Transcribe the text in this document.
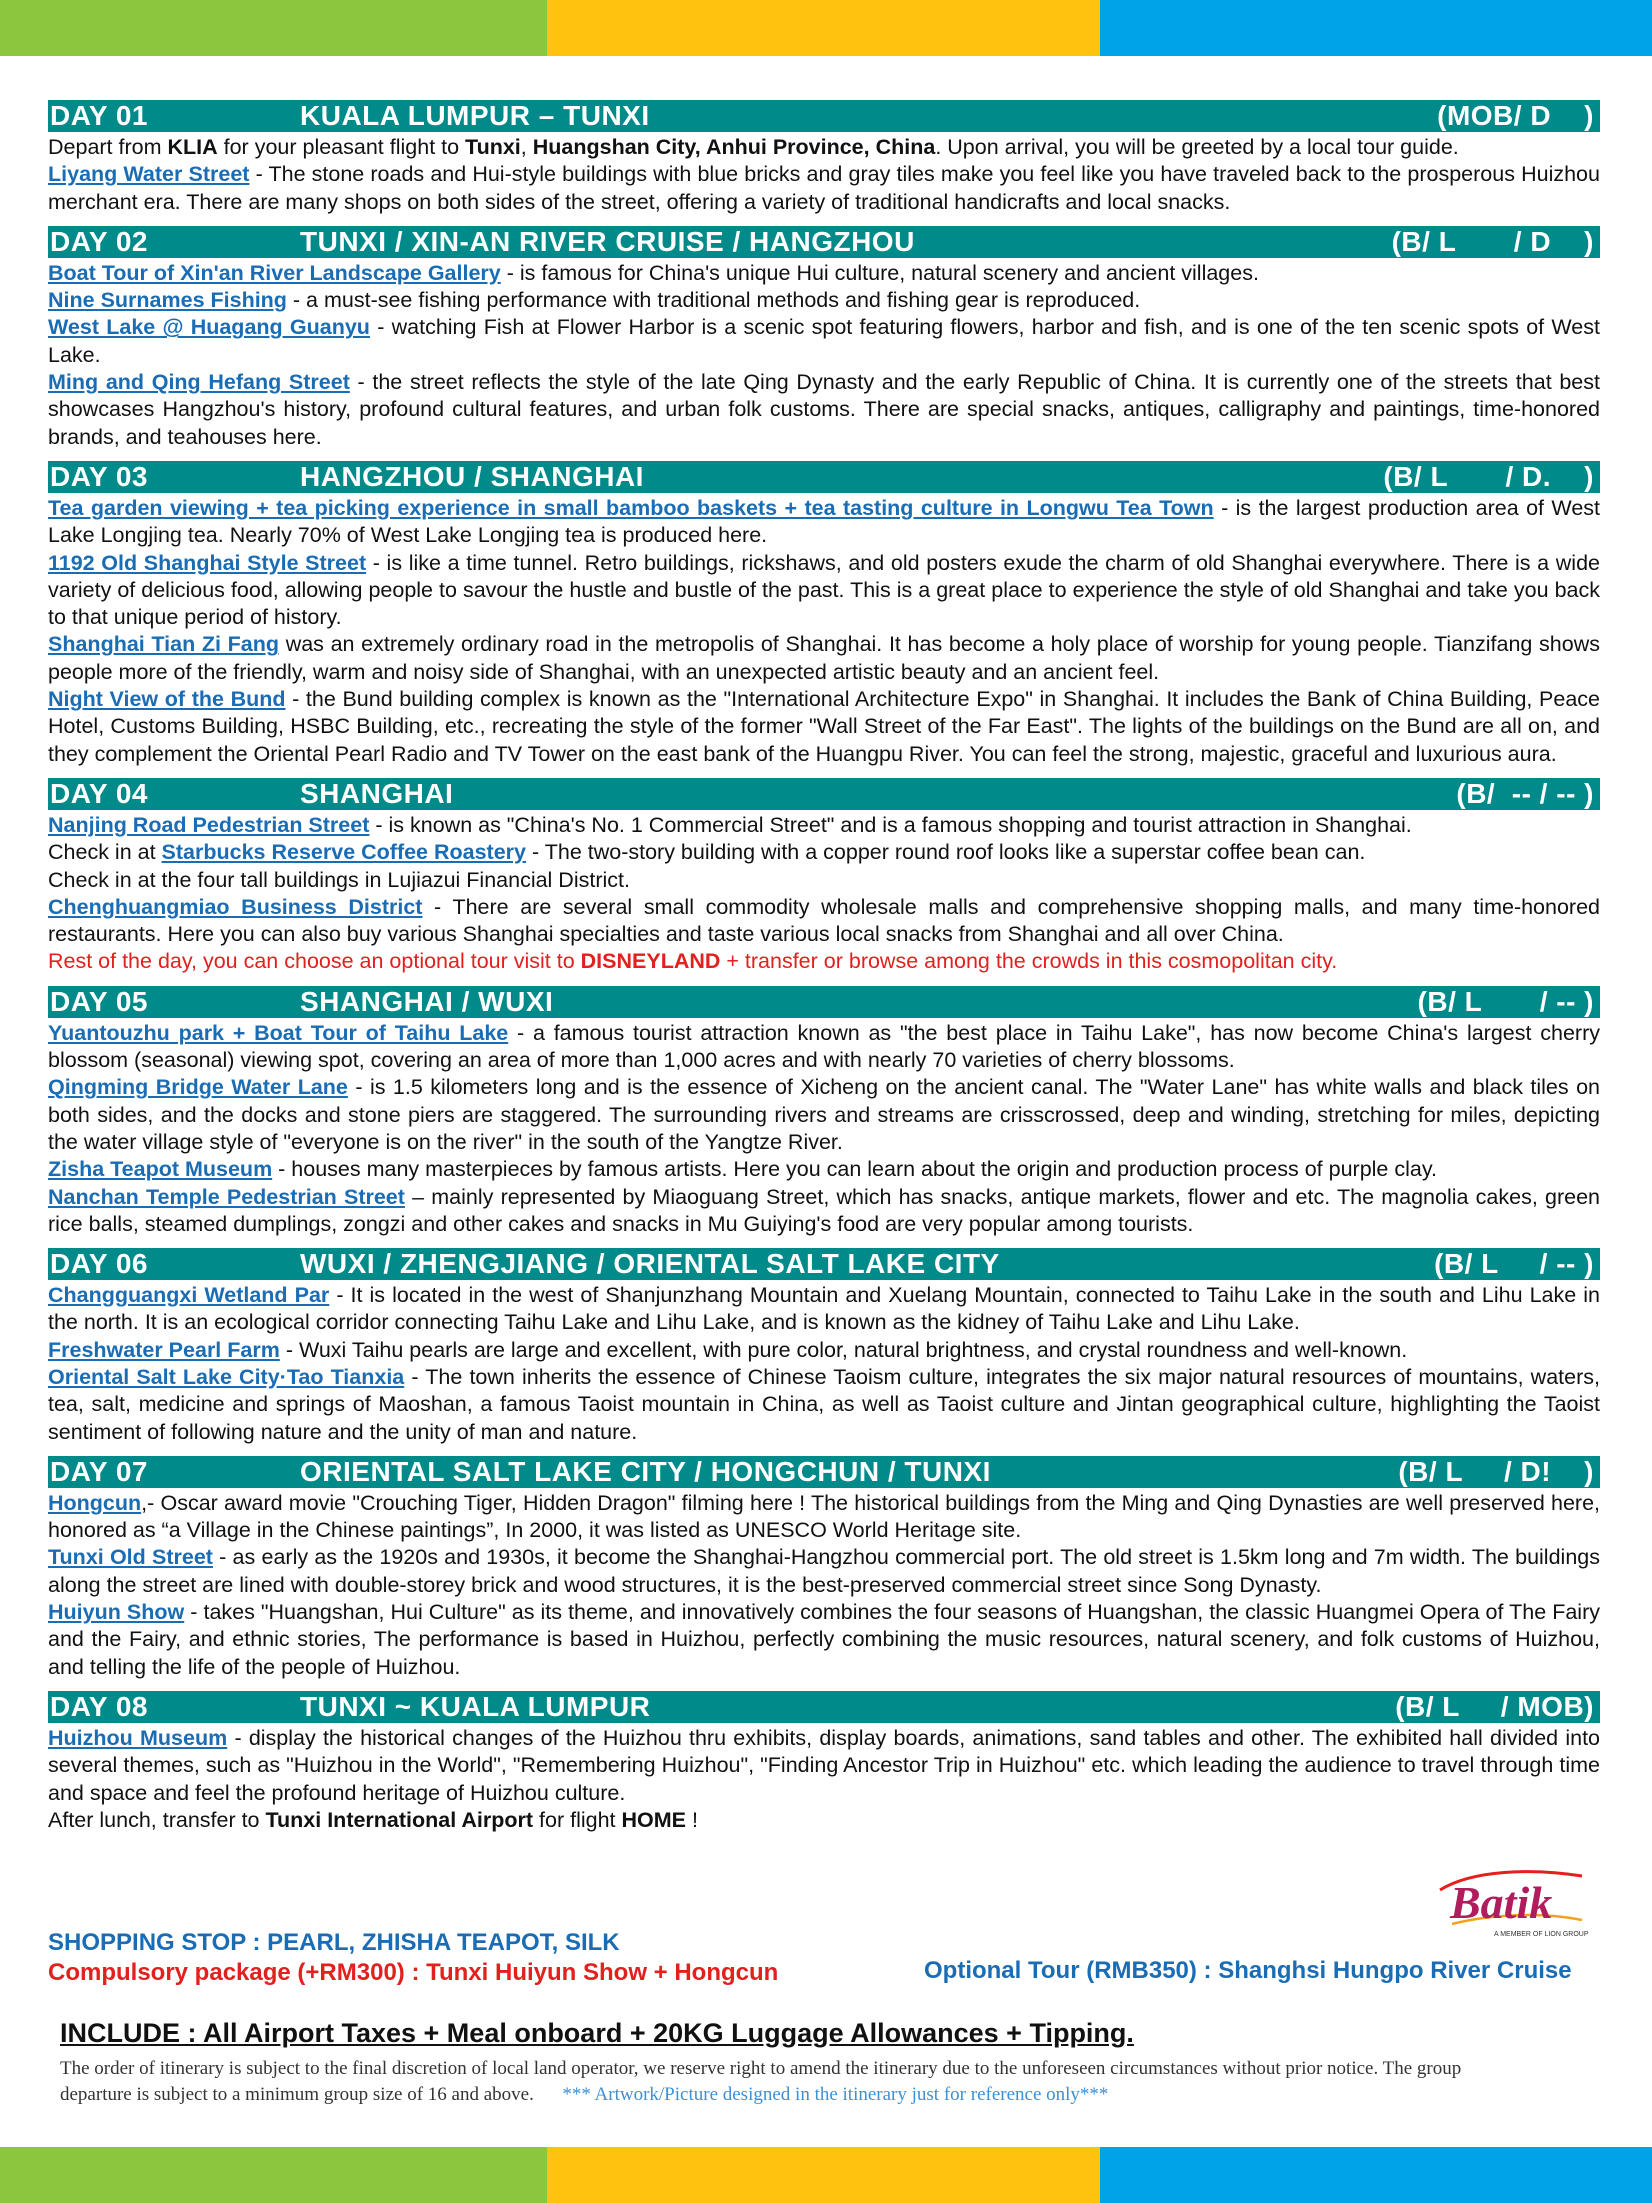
DAY 01	KUALA LUMPUR – TUNXI	(MOB/ D    )

Depart from KLIA for your pleasant flight to Tunxi, Huangshan City, Anhui Province, China. Upon arrival, you will be greeted by a local tour guide.

Liyang Water Street - The stone roads and Hui-style buildings with blue bricks and gray tiles make you feel like you have traveled back to the prosperous Huizhou merchant era. There are many shops on both sides of the street, offering a variety of traditional handicrafts and local snacks.

DAY 02	TUNXI / XIN-AN RIVER CRUISE / HANGZHOU	(B/ L       / D    )

Boat Tour of Xin'an River Landscape Gallery - is famous for China's unique Hui culture, natural scenery and ancient villages.

Nine Surnames Fishing - a must-see fishing performance with traditional methods and fishing gear is reproduced.

West Lake @ Huagang Guanyu - watching Fish at Flower Harbor is a scenic spot featuring flowers, harbor and fish, and is one of the ten scenic spots of West Lake.

Ming and Qing Hefang Street - the street reflects the style of the late Qing Dynasty and the early Republic of China. It is currently one of the streets that best showcases Hangzhou's history, profound cultural features, and urban folk customs. There are special snacks, antiques, calligraphy and paintings, time-honored brands, and teahouses here.

DAY 03	HANGZHOU / SHANGHAI	(B/ L       / D.    )

Tea garden viewing + tea picking experience in small bamboo baskets + tea tasting culture in Longwu Tea Town - is the largest production area of West Lake Longjing tea. Nearly 70% of West Lake Longjing tea is produced here.

1192 Old Shanghai Style Street - is like a time tunnel. Retro buildings, rickshaws, and old posters exude the charm of old Shanghai everywhere. There is a wide variety of delicious food, allowing people to savour the hustle and bustle of the past. This is a great place to experience the style of old Shanghai and take you back to that unique period of history.

Shanghai Tian Zi Fang was an extremely ordinary road in the metropolis of Shanghai. It has become a holy place of worship for young people. Tianzifang shows people more of the friendly, warm and noisy side of Shanghai, with an unexpected artistic beauty and an ancient feel.

Night View of the Bund - the Bund building complex is known as the "International Architecture Expo" in Shanghai. It includes the Bank of China Building, Peace Hotel, Customs Building, HSBC Building, etc., recreating the style of the former "Wall Street of the Far East". The lights of the buildings on the Bund are all on, and they complement the Oriental Pearl Radio and TV Tower on the east bank of the Huangpu River. You can feel the strong, majestic, graceful and luxurious aura.

DAY 04	SHANGHAI	(B/  -- / -- )

Nanjing Road Pedestrian Street - is known as "China's No. 1 Commercial Street" and is a famous shopping and tourist attraction in Shanghai.

Check in at Starbucks Reserve Coffee Roastery - The two-story building with a copper round roof looks like a superstar coffee bean can.

Check in at the four tall buildings in Lujiazui Financial District.

Chenghuangmiao Business District - There are several small commodity wholesale malls and comprehensive shopping malls, and many time-honored restaurants. Here you can also buy various Shanghai specialties and taste various local snacks from Shanghai and all over China.

Rest of the day, you can choose an optional tour visit to DISNEYLAND + transfer or browse among the crowds in this cosmopolitan city.

DAY 05	SHANGHAI / WUXI	(B/ L       / -- )

Yuantouzhu park + Boat Tour of Taihu Lake - a famous tourist attraction known as "the best place in Taihu Lake", has now become China's largest cherry blossom (seasonal) viewing spot, covering an area of more than 1,000 acres and with nearly 70 varieties of cherry blossoms.

Qingming Bridge Water Lane - is 1.5 kilometers long and is the essence of Xicheng on the ancient canal. The "Water Lane" has white walls and black tiles on both sides, and the docks and stone piers are staggered. The surrounding rivers and streams are crisscrossed, deep and winding, stretching for miles, depicting the water village style of "everyone is on the river" in the south of the Yangtze River.

Zisha Teapot Museum - houses many masterpieces by famous artists. Here you can learn about the origin and production process of purple clay.

Nanchan Temple Pedestrian Street – mainly represented by Miaoguang Street, which has snacks, antique markets, flower and etc. The magnolia cakes, green rice balls, steamed dumplings, zongzi and other cakes and snacks in Mu Guiying's food are very popular among tourists.

DAY 06	WUXI / ZHENGJIANG / ORIENTAL SALT LAKE CITY	(B/ L     / -- )

Changguangxi Wetland Par - It is located in the west of Shanjunzhang Mountain and Xuelang Mountain, connected to Taihu Lake in the south and Lihu Lake in the north. It is an ecological corridor connecting Taihu Lake and Lihu Lake, and is known as the kidney of Taihu Lake and Lihu Lake.

Freshwater Pearl Farm - Wuxi Taihu pearls are large and excellent, with pure color, natural brightness, and crystal roundness and well-known.

Oriental Salt Lake City·Tao Tianxia - The town inherits the essence of Chinese Taoism culture, integrates the six major natural resources of mountains, waters, tea, salt, medicine and springs of Maoshan, a famous Taoist mountain in China, as well as Taoist culture and Jintan geographical culture, highlighting the Taoist sentiment of following nature and the unity of man and nature.

DAY 07	ORIENTAL SALT LAKE CITY / HONGCHUN / TUNXI	(B/ L     / D!    )

Hongcun,- Oscar award movie "Crouching Tiger, Hidden Dragon" filming here ! The historical buildings from the Ming and Qing Dynasties are well preserved here, honored as “a Village in the Chinese paintings”, In 2000, it was listed as UNESCO World Heritage site.

Tunxi Old Street - as early as the 1920s and 1930s, it become the Shanghai-Hangzhou commercial port. The old street is 1.5km long and 7m width. The buildings along the street are lined with double-storey brick and wood structures, it is the best-preserved commercial street since Song Dynasty.

Huiyun Show - takes "Huangshan, Hui Culture" as its theme, and innovatively combines the four seasons of Huangshan, the classic Huangmei Opera of The Fairy and the Fairy, and ethnic stories, The performance is based in Huizhou, perfectly combining the music resources, natural scenery, and folk customs of Huizhou, and telling the life of the people of Huizhou.

DAY 08	TUNXI ~ KUALA LUMPUR	(B/ L     / MOB)

Huizhou Museum - display the historical changes of the Huizhou thru exhibits, display boards, animations, sand tables and other. The exhibited hall divided into several themes, such as "Huizhou in the World", "Remembering Huizhou", "Finding Ancestor Trip in Huizhou" etc. which leading the audience to travel through time and space and feel the profound heritage of Huizhou culture.

After lunch, transfer to Tunxi International Airport for flight HOME !

SHOPPING STOP : PEARL, ZHISHA TEAPOT, SILK
Compulsory package (+RM300) : Tunxi Huiyun Show + Hongcun	Optional Tour (RMB350) : Shanghsi Hungpo River Cruise
Batik
A MEMBER OF LION GROUP
INCLUDE : All Airport Taxes + Meal onboard + 20KG Luggage Allowances + Tipping.
The order of itinerary is subject to the final discretion of local land operator, we reserve right to amend the itinerary due to the unforeseen circumstances without prior notice. The group departure is subject to a minimum group size of 16 and above. *** Artwork/Picture designed in the itinerary just for reference only***
